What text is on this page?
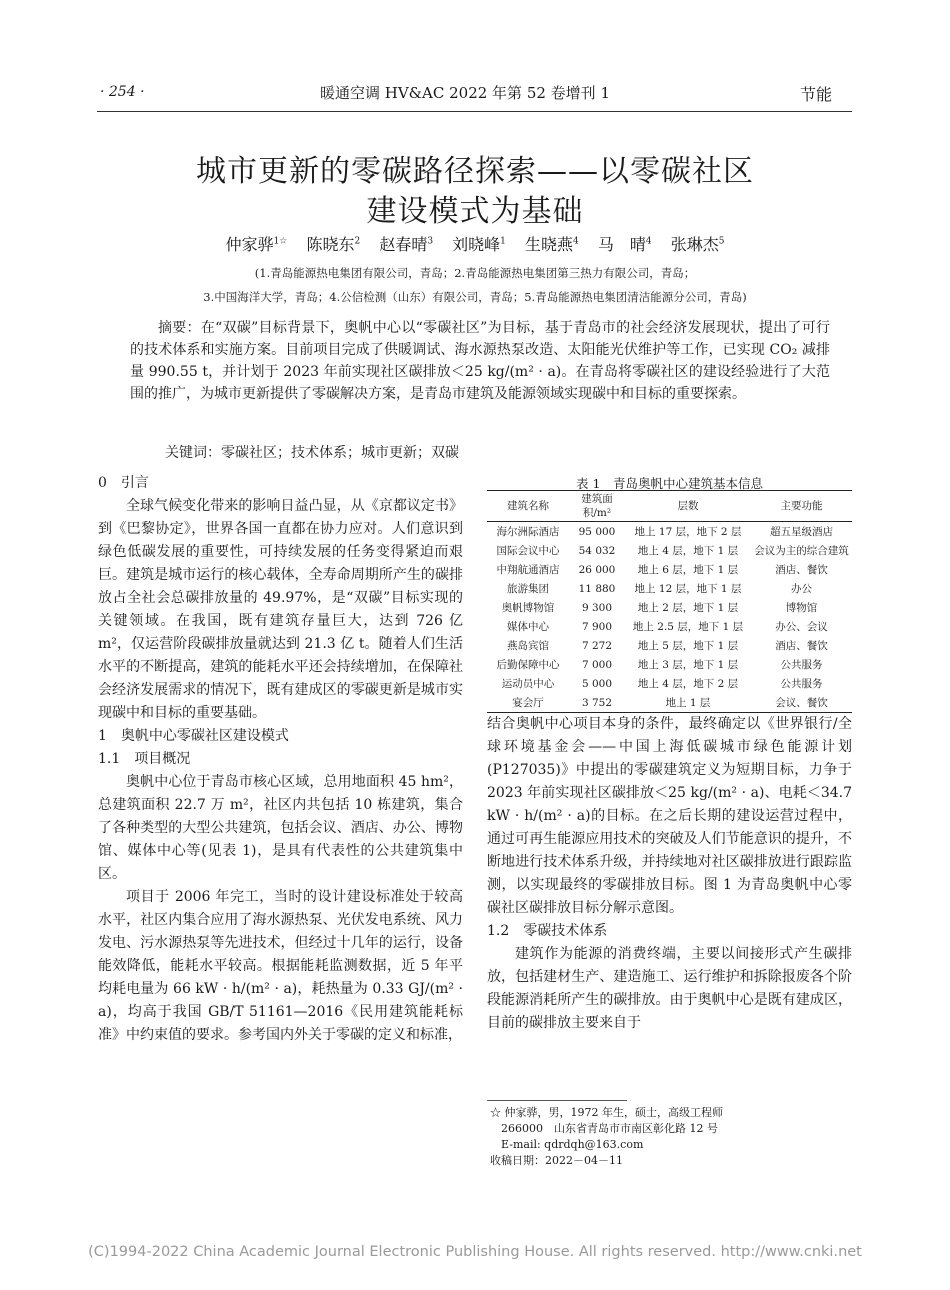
· 254 ·	暖通空调 HV&AC 2022 年第 52 卷增刊 1	节能
城市更新的零碳路径探索——以零碳社区
建设模式为基础
仲家骅$^{1☆}$ 陈晓东$^2$ 赵春晴$^3$ 刘晓峰$^1$ 生晓燕$^4$ 马　晴$^4$ 张琳杰$^5$
(1.青岛能源热电集团有限公司，青岛；2.青岛能源热电集团第三热力有限公司，青岛；
3.中国海洋大学，青岛；4.公信检测（山东）有限公司，青岛；5.青岛能源热电集团清洁能源分公司，青岛)
摘要：在“双碳”目标背景下，奥帆中心以“零碳社区”为目标，基于青岛市的社会经济发展现状，提出了可行的技术体系和实施方案。目前项目完成了供暖调试、海水源热泵改造、太阳能光伏维护等工作，已实现 CO₂ 减排量 990.55 t，并计划于 2023 年前实现社区碳排放＜25 kg/(m² · a)。在青岛将零碳社区的建设经验进行了大范围的推广，为城市更新提供了零碳解决方案，是青岛市建筑及能源领域实现碳中和目标的重要探索。
关键词：零碳社区；技术体系；城市更新；双碳

0　引言

全球气候变化带来的影响日益凸显，从《京都议定书》到《巴黎协定》，世界各国一直都在协力应对。人们意识到绿色低碳发展的重要性，可持续发展的任务变得紧迫而艰巨。建筑是城市运行的核心载体，全寿命周期所产生的碳排放占全社会总碳排放量的 49.97%，是“双碳”目标实现的关键领域。在我国，既有建筑存量巨大，达到 726 亿 m²，仅运营阶段碳排放量就达到 21.3 亿 t。随着人们生活水平的不断提高，建筑的能耗水平还会持续增加，在保障社会经济发展需求的情况下，既有建成区的零碳更新是城市实现碳中和目标的重要基础。

1　奥帆中心零碳社区建设模式

1.1　项目概况

奥帆中心位于青岛市核心区域，总用地面积 45 hm²，总建筑面积 22.7 万 m²，社区内共包括 10 栋建筑，集合了各种类型的大型公共建筑，包括会议、酒店、办公、博物馆、媒体中心等(见表 1)，是具有代表性的公共建筑集中区。

项目于 2006 年完工，当时的设计建设标准处于较高水平，社区内集合应用了海水源热泵、光伏发电系统、风力发电、污水源热泵等先进技术，但经过十几年的运行，设备能效降低，能耗水平较高。根据能耗监测数据，近 5 年平均耗电量为 66 kW · h/(m² · a)，耗热量为 0.33 GJ/(m² · a)，均高于我国 GB/T 51161—2016《民用建筑能耗标准》中约束值的要求。参考国内外关于零碳的定义和标准，

表 1　青岛奥帆中心建筑基本信息
建筑名称	建筑面积/m²	层数	主要功能
海尔洲际酒店	95 000	地上 17 层，地下 2 层	超五星级酒店
国际会议中心	54 032	地上 4 层，地下 1 层	会议为主的综合建筑
中翔航通酒店	26 000	地上 6 层，地下 1 层	酒店、餐饮
旅游集团	11 880	地上 12 层，地下 1 层	办公
奥帆博物馆	9 300	地上 2 层，地下 1 层	博物馆
媒体中心	7 900	地上 2.5 层，地下 1 层	办公、会议
燕岛宾馆	7 272	地上 5 层，地下 1 层	酒店、餐饮
后勤保障中心	7 000	地上 3 层，地下 1 层	公共服务
运动员中心	5 000	地上 4 层，地下 2 层	公共服务
宴会厅	3 752	地上 1 层	会议、餐饮

结合奥帆中心项目本身的条件，最终确定以《世界银行/全球环境基金会——中国上海低碳城市绿色能源计划(P127035)》中提出的零碳建筑定义为短期目标，力争于 2023 年前实现社区碳排放＜25 kg/(m² · a)、电耗＜34.7 kW · h/(m² · a)的目标。在之后长期的建设运营过程中，通过可再生能源应用技术的突破及人们节能意识的提升，不断地进行技术体系升级，并持续地对社区碳排放进行跟踪监测，以实现最终的零碳排放目标。图 1 为青岛奥帆中心零碳社区碳排放目标分解示意图。

1.2　零碳技术体系

建筑作为能源的消费终端，主要以间接形式产生碳排放，包括建材生产、建造施工、运行维护和拆除报废各个阶段能源消耗所产生的碳排放。由于奥帆中心是既有建成区，目前的碳排放主要来自于

☆ 仲家骅，男，1972 年生，硕士，高级工程师
　266000　山东省青岛市市南区彰化路 12 号
　E-mail: qdrdqh@163.com
收稿日期：2022－04－11
(C)1994-2022 China Academic Journal Electronic Publishing House. All rights reserved. http://www.cnki.net
